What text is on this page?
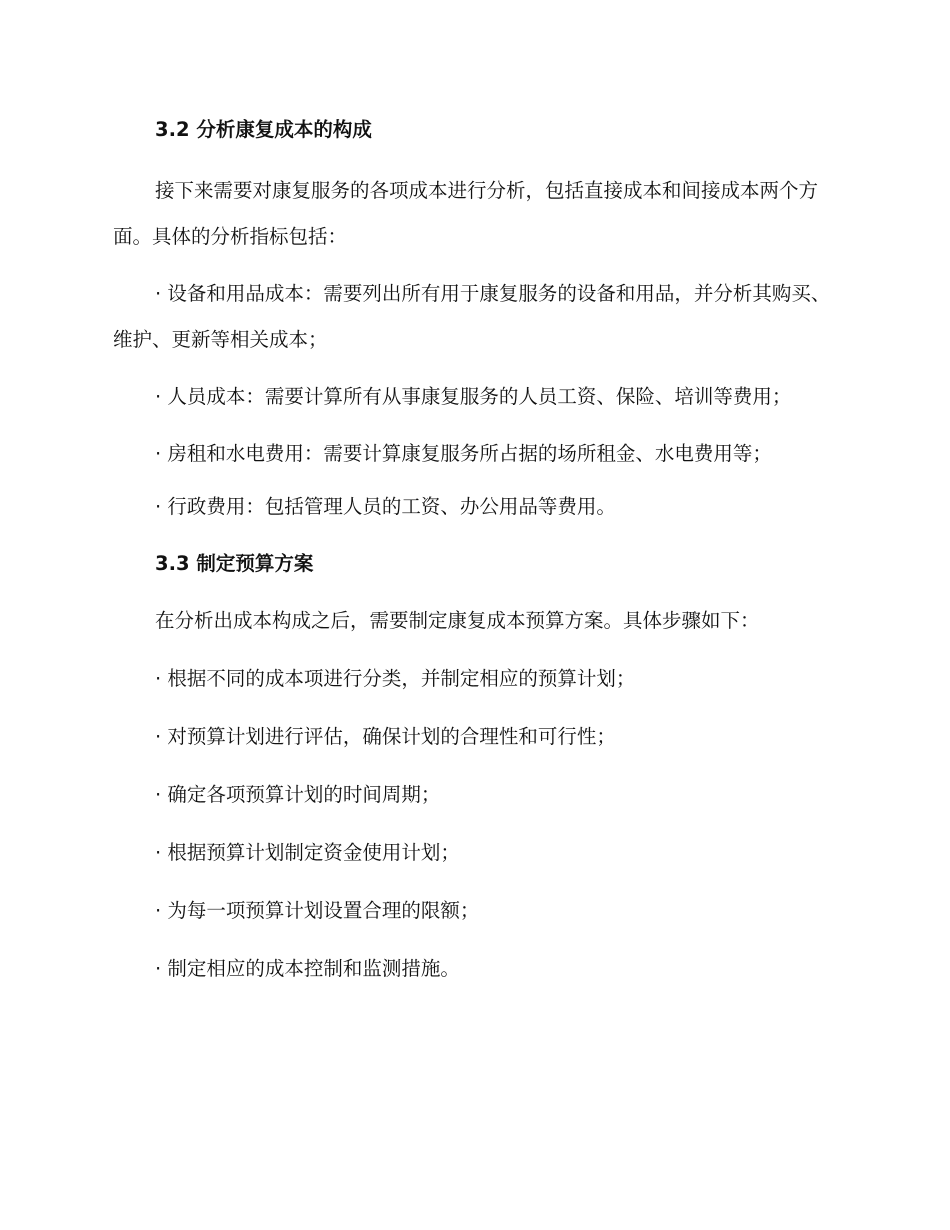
3.2 分析康复成本的构成
接下来需要对康复服务的各项成本进行分析，包括直接成本和间接成本两个方面。具体的分析指标包括：
· 设备和用品成本：需要列出所有用于康复服务的设备和用品，并分析其购买、维护、更新等相关成本；
· 人员成本：需要计算所有从事康复服务的人员工资、保险、培训等费用；
· 房租和水电费用：需要计算康复服务所占据的场所租金、水电费用等；
· 行政费用：包括管理人员的工资、办公用品等费用。
3.3 制定预算方案
在分析出成本构成之后，需要制定康复成本预算方案。具体步骤如下：
· 根据不同的成本项进行分类，并制定相应的预算计划；
· 对预算计划进行评估，确保计划的合理性和可行性；
· 确定各项预算计划的时间周期；
· 根据预算计划制定资金使用计划；
· 为每一项预算计划设置合理的限额；
· 制定相应的成本控制和监测措施。
